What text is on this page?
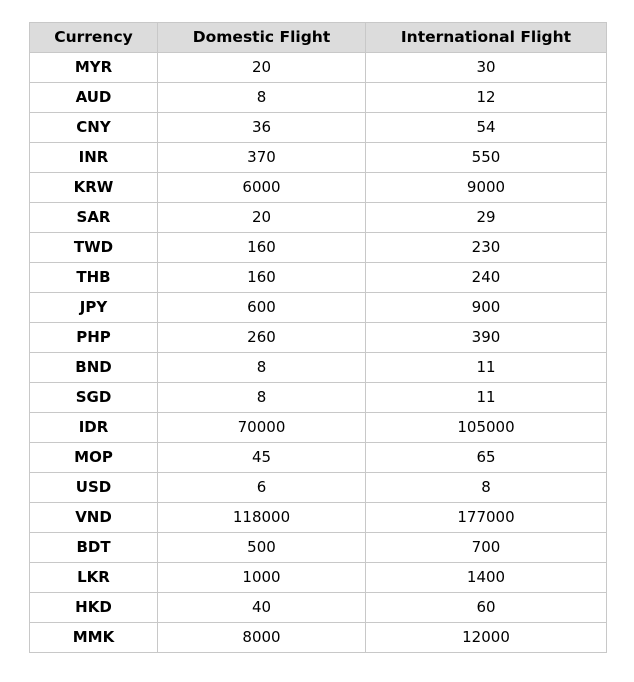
Currency	Domestic Flight	International Flight
MYR	20	30
AUD	8	12
CNY	36	54
INR	370	550
KRW	6000	9000
SAR	20	29
TWD	160	230
THB	160	240
JPY	600	900
PHP	260	390
BND	8	11
SGD	8	11
IDR	70000	105000
MOP	45	65
USD	6	8
VND	118000	177000
BDT	500	700
LKR	1000	1400
HKD	40	60
MMK	8000	12000
